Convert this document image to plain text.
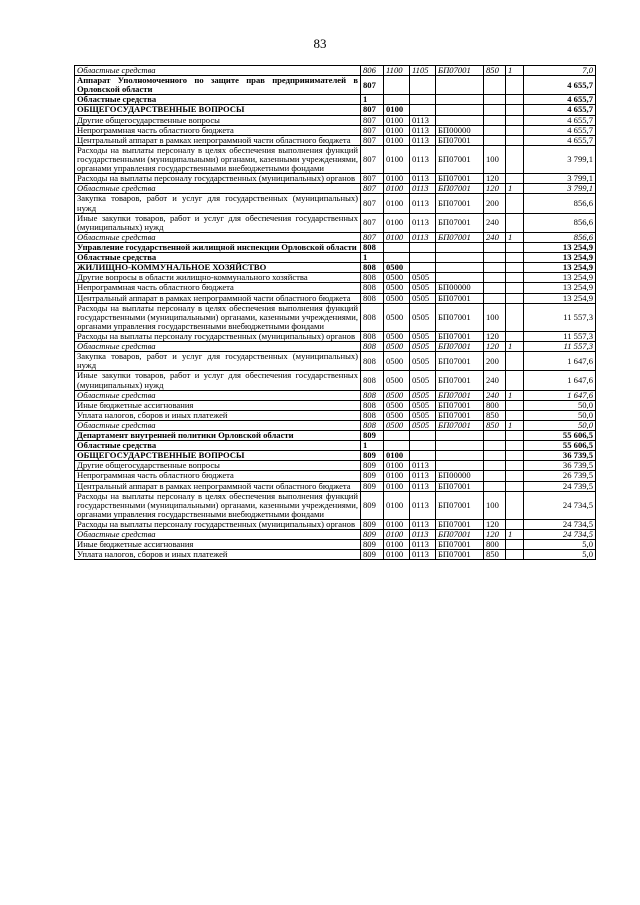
83
Областные средства	806	1100	1105	БП07001	850	1	7,0
Аппарат Уполномоченного по защите прав предпринимателей в Орловской области	807						4 655,7
Областные средства	1						4 655,7
ОБЩЕГОСУДАРСТВЕННЫЕ ВОПРОСЫ	807	0100					4 655,7
Другие общегосударственные вопросы	807	0100	0113				4 655,7
Непрограммная часть областного бюджета	807	0100	0113	БП00000			4 655,7
Центральный аппарат в рамках непрограммной части областного бюджета	807	0100	0113	БП07001			4 655,7
Расходы на выплаты персоналу в целях обеспечения выполнения функций государственными (муниципальными) органами, казенными учреждениями, органами управления государственными внебюджетными фондами	807	0100	0113	БП07001	100		3 799,1
Расходы на выплаты персоналу государственных (муниципальных) органов	807	0100	0113	БП07001	120		3 799,1
Областные средства	807	0100	0113	БП07001	120	1	3 799,1
Закупка товаров, работ и услуг для государственных (муниципальных) нужд	807	0100	0113	БП07001	200		856,6
Иные закупки товаров, работ и услуг для обеспечения государственных (муниципальных) нужд	807	0100	0113	БП07001	240		856,6
Областные средства	807	0100	0113	БП07001	240	1	856,6
Управление государственной жилищной инспекции Орловской области	808						13 254,9
Областные средства	1						13 254,9
ЖИЛИЩНО-КОММУНАЛЬНОЕ ХОЗЯЙСТВО	808	0500					13 254,9
Другие вопросы в области жилищно-коммунального хозяйства	808	0500	0505				13 254,9
Непрограммная часть областного бюджета	808	0500	0505	БП00000			13 254,9
Центральный аппарат в рамках непрограммной части областного бюджета	808	0500	0505	БП07001			13 254,9
Расходы на выплаты персоналу в целях обеспечения выполнения функций государственными (муниципальными) органами, казенными учреждениями, органами управления государственными внебюджетными фондами	808	0500	0505	БП07001	100		11 557,3
Расходы на выплаты персоналу государственных (муниципальных) органов	808	0500	0505	БП07001	120		11 557,3
Областные средства	808	0500	0505	БП07001	120	1	11 557,3
Закупка товаров, работ и услуг для государственных (муниципальных) нужд	808	0500	0505	БП07001	200		1 647,6
Иные закупки товаров, работ и услуг для обеспечения государственных (муниципальных) нужд	808	0500	0505	БП07001	240		1 647,6
Областные средства	808	0500	0505	БП07001	240	1	1 647,6
Иные бюджетные ассигнования	808	0500	0505	БП07001	800		50,0
Уплата налогов, сборов и иных платежей	808	0500	0505	БП07001	850		50,0
Областные средства	808	0500	0505	БП07001	850	1	50,0
Департамент внутренней политики Орловской области	809						55 606,5
Областные средства	1						55 606,5
ОБЩЕГОСУДАРСТВЕННЫЕ ВОПРОСЫ	809	0100					36 739,5
Другие общегосударственные вопросы	809	0100	0113				36 739,5
Непрограммная часть областного бюджета	809	0100	0113	БП00000			26 739,5
Центральный аппарат в рамках непрограммной части областного бюджета	809	0100	0113	БП07001			24 739,5
Расходы на выплаты персоналу в целях обеспечения выполнения функций государственными (муниципальными) органами, казенными учреждениями, органами управления государственными внебюджетными фондами	809	0100	0113	БП07001	100		24 734,5
Расходы на выплаты персоналу государственных (муниципальных) органов	809	0100	0113	БП07001	120		24 734,5
Областные средства	809	0100	0113	БП07001	120	1	24 734,5
Иные бюджетные ассигнования	809	0100	0113	БП07001	800		5,0
Уплата налогов, сборов и иных платежей	809	0100	0113	БП07001	850		5,0
